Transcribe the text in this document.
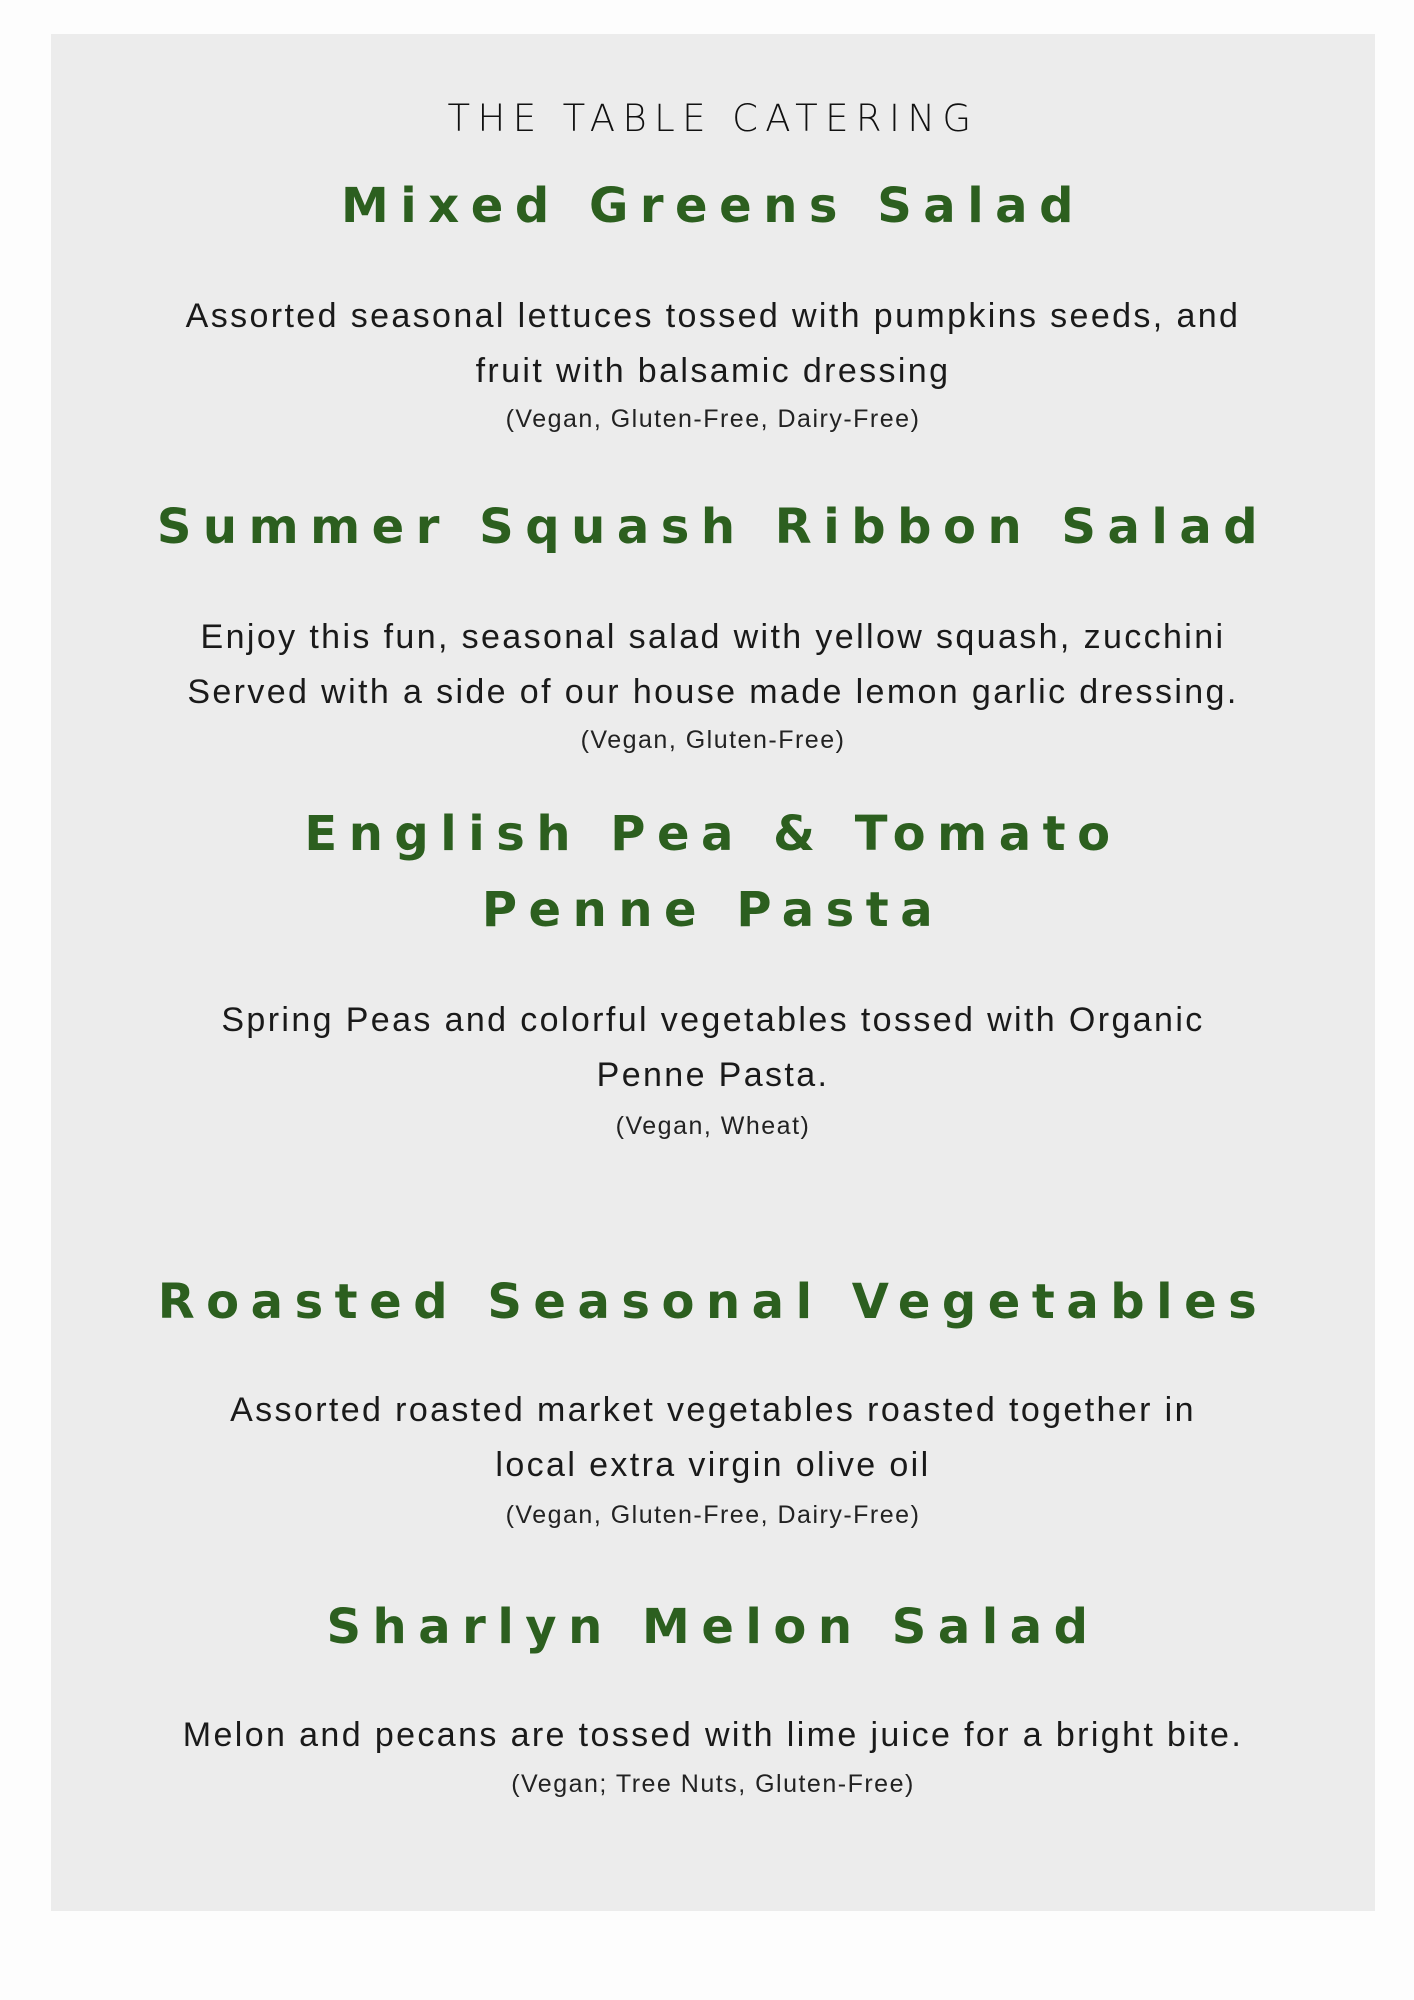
THE TABLE CATERING
Mixed Greens Salad
Assorted seasonal lettuces tossed with pumpkins seeds, and
fruit with balsamic dressing
(Vegan, Gluten-Free, Dairy-Free)
Summer Squash Ribbon Salad
Enjoy this fun, seasonal salad with yellow squash, zucchini
Served with a side of our house made lemon garlic dressing.
(Vegan, Gluten-Free)
English Pea & Tomato
Penne Pasta
Spring Peas and colorful vegetables tossed with Organic
Penne Pasta.
(Vegan, Wheat)
Roasted Seasonal Vegetables
Assorted roasted market vegetables roasted together in
local extra virgin olive oil
(Vegan, Gluten-Free, Dairy-Free)
Sharlyn Melon Salad
Melon and pecans are tossed with lime juice for a bright bite.
(Vegan; Tree Nuts, Gluten-Free)
